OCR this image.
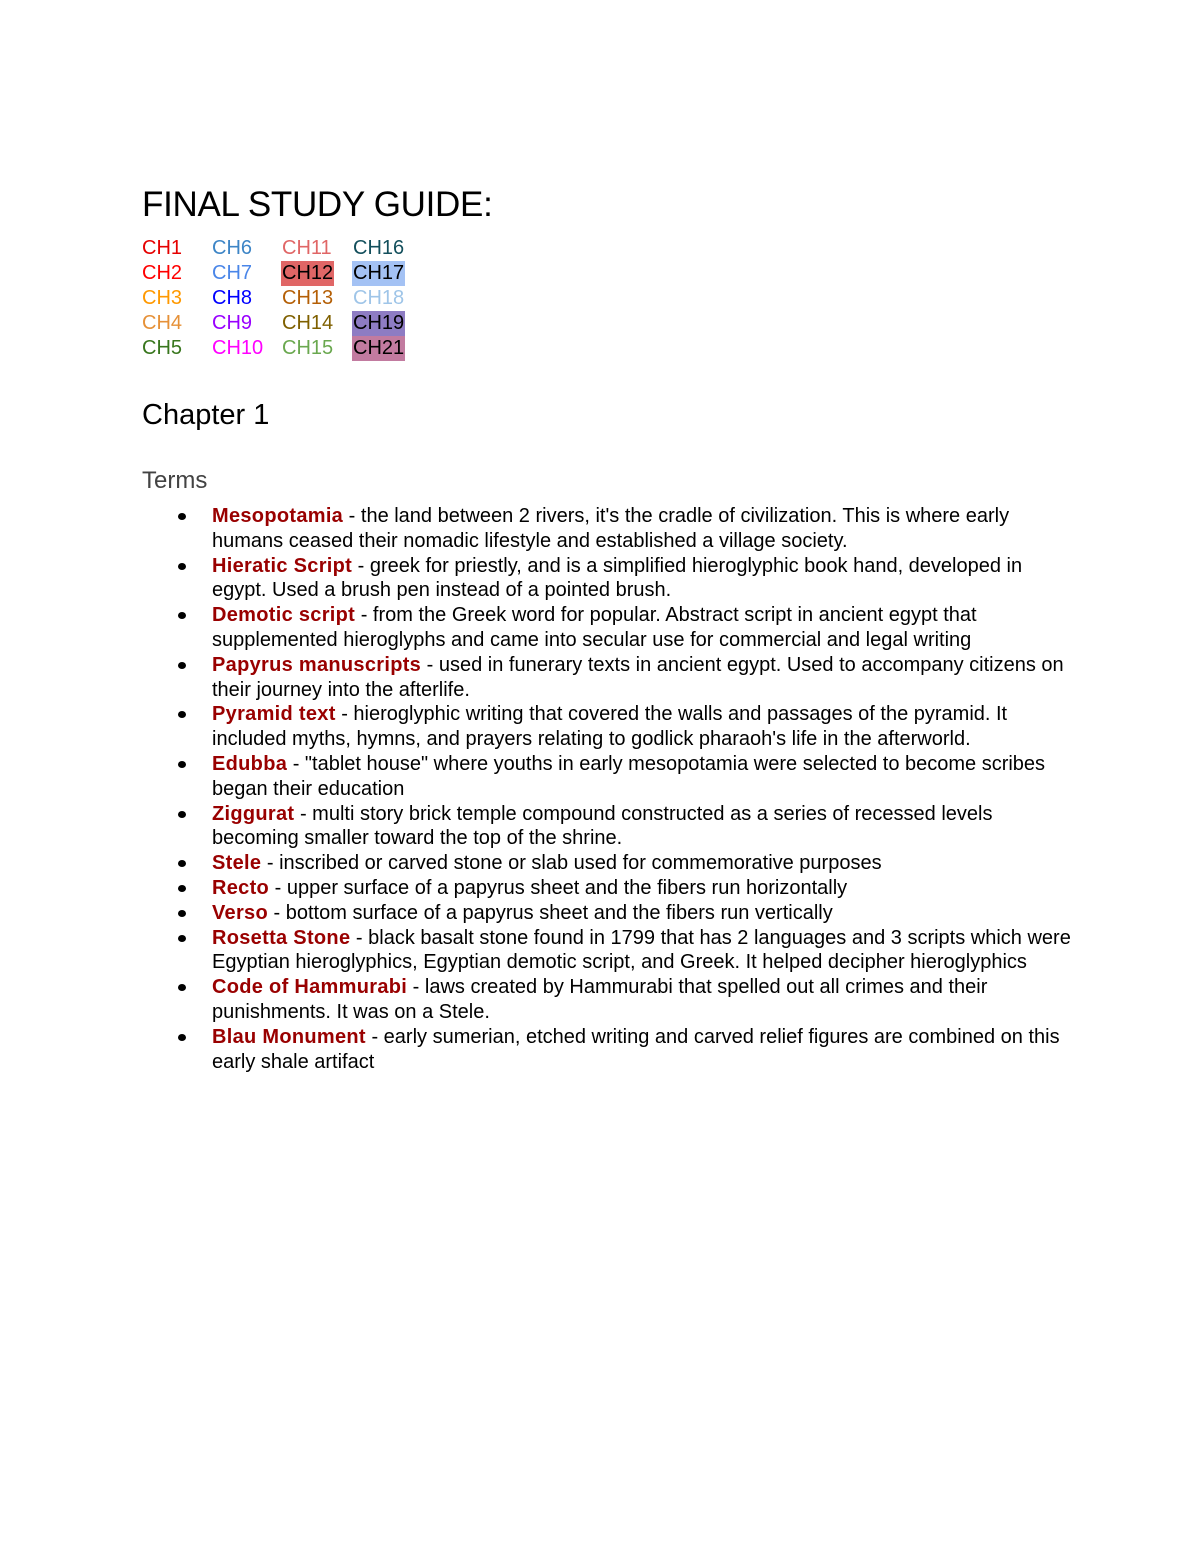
FINAL STUDY GUIDE:
CH1	CH6	CH11	CH16
CH2	CH7	CH12 CH17
CH3	CH8	CH13 CH18
CH4	CH9	CH14 CH19
CH5	CH10 CH15 CH21
Chapter 1
Terms
Mesopotamia - the land between 2 rivers, it's the cradle of civilization. This is where early humans ceased their nomadic lifestyle and established a village society.
Hieratic Script - greek for priestly, and is a simplified hieroglyphic book hand, developed in egypt. Used a brush pen instead of a pointed brush.
Demotic script - from the Greek word for popular. Abstract script in ancient egypt that supplemented hieroglyphs and came into secular use for commercial and legal writing
Papyrus manuscripts - used in funerary texts in ancient egypt. Used to accompany citizens on their journey into the afterlife.
Pyramid text - hieroglyphic writing that covered the walls and passages of the pyramid. It included myths, hymns, and prayers relating to godlick pharaoh's life in the afterworld.
Edubba - "tablet house" where youths in early mesopotamia were selected to become scribes began their education
Ziggurat - multi story brick temple compound constructed as a series of recessed levels becoming smaller toward the top of the shrine.
Stele - inscribed or carved stone or slab used for commemorative purposes
Recto - upper surface of a papyrus sheet and the fibers run horizontally
Verso - bottom surface of a papyrus sheet and the fibers run vertically
Rosetta Stone - black basalt stone found in 1799 that has 2 languages and 3 scripts which were Egyptian hieroglyphics, Egyptian demotic script, and Greek. It helped decipher hieroglyphics
Code of Hammurabi - laws created by Hammurabi that spelled out all crimes and their punishments. It was on a Stele.
Blau Monument - early sumerian, etched writing and carved relief figures are combined on this early shale artifact
